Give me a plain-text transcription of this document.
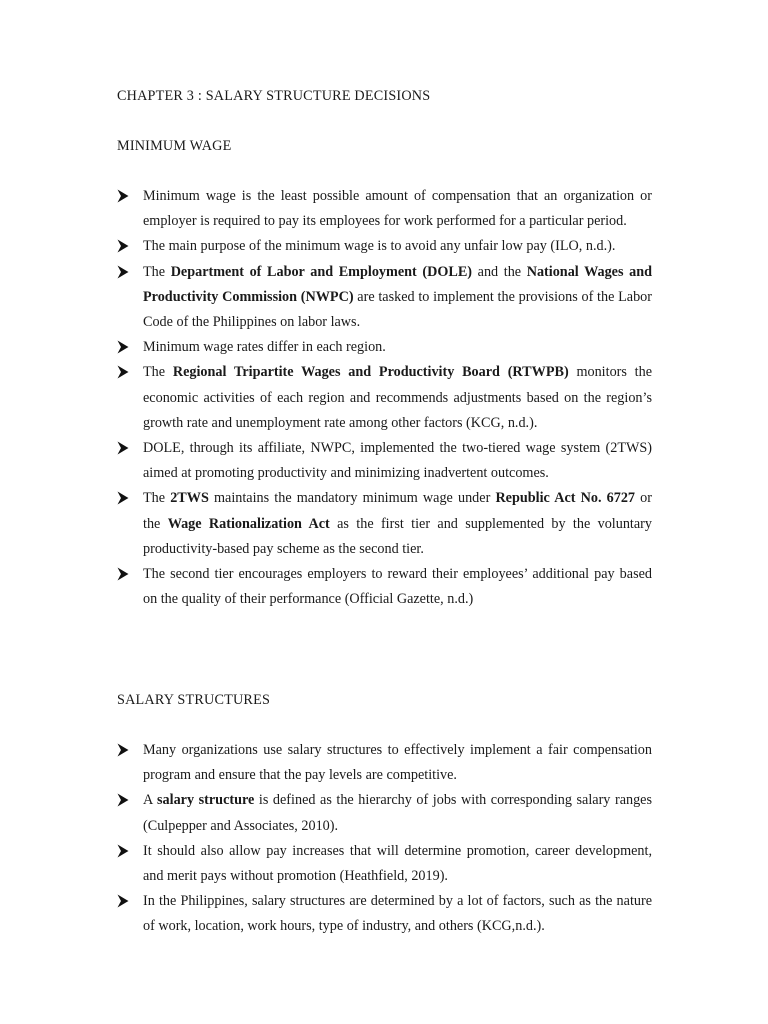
CHAPTER 3 : SALARY STRUCTURE DECISIONS
MINIMUM WAGE
Minimum wage is the least possible amount of compensation that an organization or employer is required to pay its employees for work performed for a particular period.
The main purpose of the minimum wage is to avoid any unfair low pay (ILO, n.d.).
The Department of Labor and Employment (DOLE) and the National Wages and Productivity Commission (NWPC) are tasked to implement the provisions of the Labor Code of the Philippines on labor laws.
Minimum wage rates differ in each region.
The Regional Tripartite Wages and Productivity Board (RTWPB) monitors the economic activities of each region and recommends adjustments based on the region’s growth rate and unemployment rate among other factors (KCG, n.d.).
DOLE, through its affiliate, NWPC, implemented the two-tiered wage system (2TWS) aimed at promoting productivity and minimizing inadvertent outcomes.
The 2TWS maintains the mandatory minimum wage under Republic Act No. 6727 or the Wage Rationalization Act as the first tier and supplemented by the voluntary productivity-based pay scheme as the second tier.
The second tier encourages employers to reward their employees’ additional pay based on the quality of their performance (Official Gazette, n.d.)
SALARY STRUCTURES
Many organizations use salary structures to effectively implement a fair compensation program and ensure that the pay levels are competitive.
A salary structure is defined as the hierarchy of jobs with corresponding salary ranges (Culpepper and Associates, 2010).
It should also allow pay increases that will determine promotion, career development, and merit pays without promotion (Heathfield, 2019).
In the Philippines, salary structures are determined by a lot of factors, such as the nature of work, location, work hours, type of industry, and others (KCG,n.d.).
